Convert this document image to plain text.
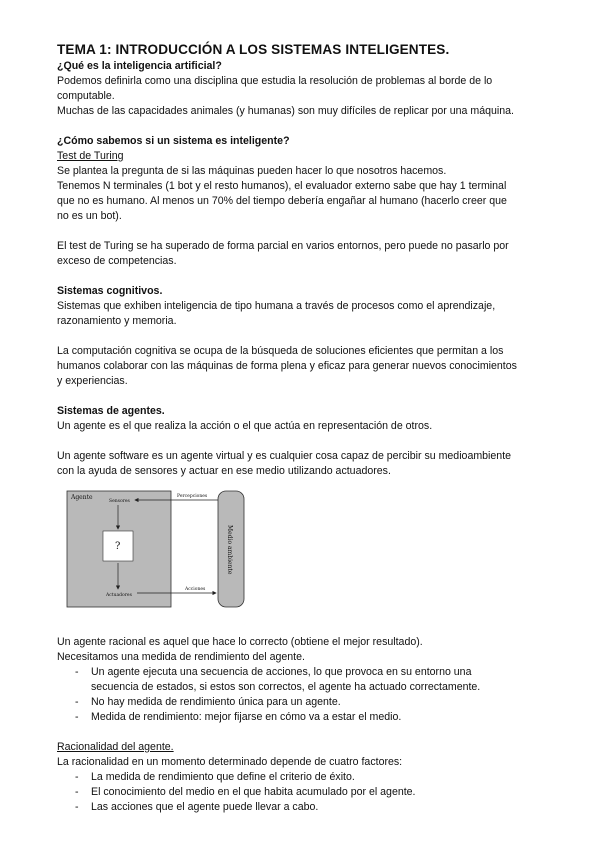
TEMA 1: INTRODUCCIÓN A LOS SISTEMAS INTELIGENTES.

¿Qué es la inteligencia artificial?

Podemos definirla como una disciplina que estudia la resolución de problemas al borde de lo

computable.

Muchas de las capacidades animales (y humanas) son muy difíciles de replicar por una máquina.

¿Cómo sabemos si un sistema es inteligente?

Test de Turing

Se plantea la pregunta de si las máquinas pueden hacer lo que nosotros hacemos.

Tenemos N terminales (1 bot y el resto humanos), el evaluador externo sabe que hay 1 terminal

que no es humano. Al menos un 70% del tiempo debería engañar al humano (hacerlo creer que

no es un bot).

El test de Turing se ha superado de forma parcial en varios entornos, pero puede no pasarlo por

exceso de competencias.

Sistemas cognitivos.

Sistemas que exhiben inteligencia de tipo humana a través de procesos como el aprendizaje,

razonamiento y memoria.

La computación cognitiva se ocupa de la búsqueda de soluciones eficientes que permitan a los

humanos colaborar con las máquinas de forma plena y eficaz para generar nuevos conocimientos

y experiencias.

Sistemas de agentes.

Un agente es el que realiza la acción o el que actúa en representación de otros.

Un agente software es un agente virtual y es cualquier cosa capaz de percibir su medioambiente

con la ayuda de sensores y actuar en ese medio utilizando actuadores.

Agente
Sensores
Actuadores
Percepciones
Acciones
?	Medio ambiente

Un agente racional es aquel que hace lo correcto (obtiene el mejor resultado).

Necesitamos una medida de rendimiento del agente.

- Un agente ejecuta una secuencia de acciones, lo que provoca en su entorno una
secuencia de estados, si estos son correctos, el agente ha actuado correctamente.
- No hay medida de rendimiento única para un agente.
- Medida de rendimiento: mejor fijarse en cómo va a estar el medio.

Racionalidad del agente.

La racionalidad en un momento determinado depende de cuatro factores:

- La medida de rendimiento que define el criterio de éxito.
- El conocimiento del medio en el que habita acumulado por el agente.
- Las acciones que el agente puede llevar a cabo.
